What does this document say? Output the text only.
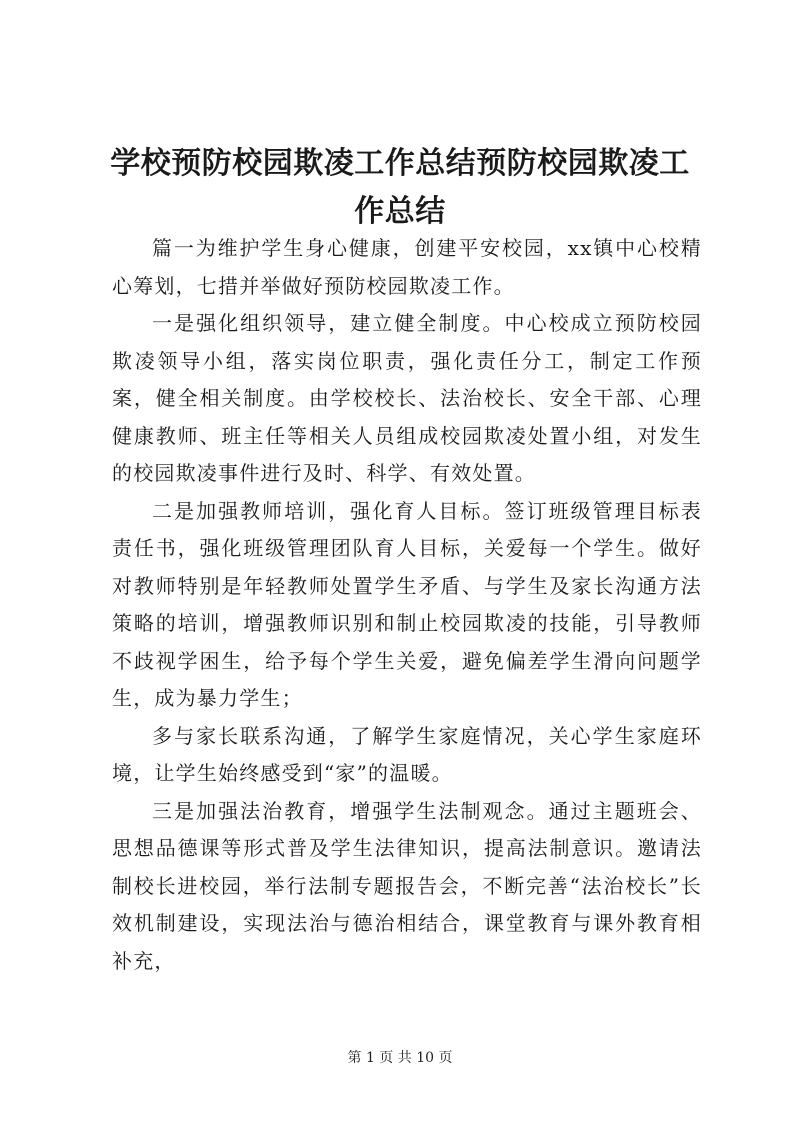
学校预防校园欺凌工作总结预防校园欺凌工作总结

篇一为维护学生身心健康，创建平安校园，xx镇中心校精心筹划，七措并举做好预防校园欺凌工作。

一是强化组织领导，建立健全制度。中心校成立预防校园欺凌领导小组，落实岗位职责，强化责任分工，制定工作预案，健全相关制度。由学校校长、法治校长、安全干部、心理健康教师、班主任等相关人员组成校园欺凌处置小组，对发生的校园欺凌事件进行及时、科学、有效处置。

二是加强教师培训，强化育人目标。签订班级管理目标表责任书，强化班级管理团队育人目标，关爱每一个学生。做好对教师特别是年轻教师处置学生矛盾、与学生及家长沟通方法策略的培训，增强教师识别和制止校园欺凌的技能，引导教师不歧视学困生，给予每个学生关爱，避免偏差学生滑向问题学生，成为暴力学生；

多与家长联系沟通，了解学生家庭情况，关心学生家庭环境，让学生始终感受到“家”的温暖。

三是加强法治教育，增强学生法制观念。通过主题班会、思想品德课等形式普及学生法律知识，提高法制意识。邀请法制校长进校园，举行法制专题报告会，不断完善“法治校长”长效机制建设，实现法治与德治相结合，课堂教育与课外教育相补充，

第 1 页 共 10 页
